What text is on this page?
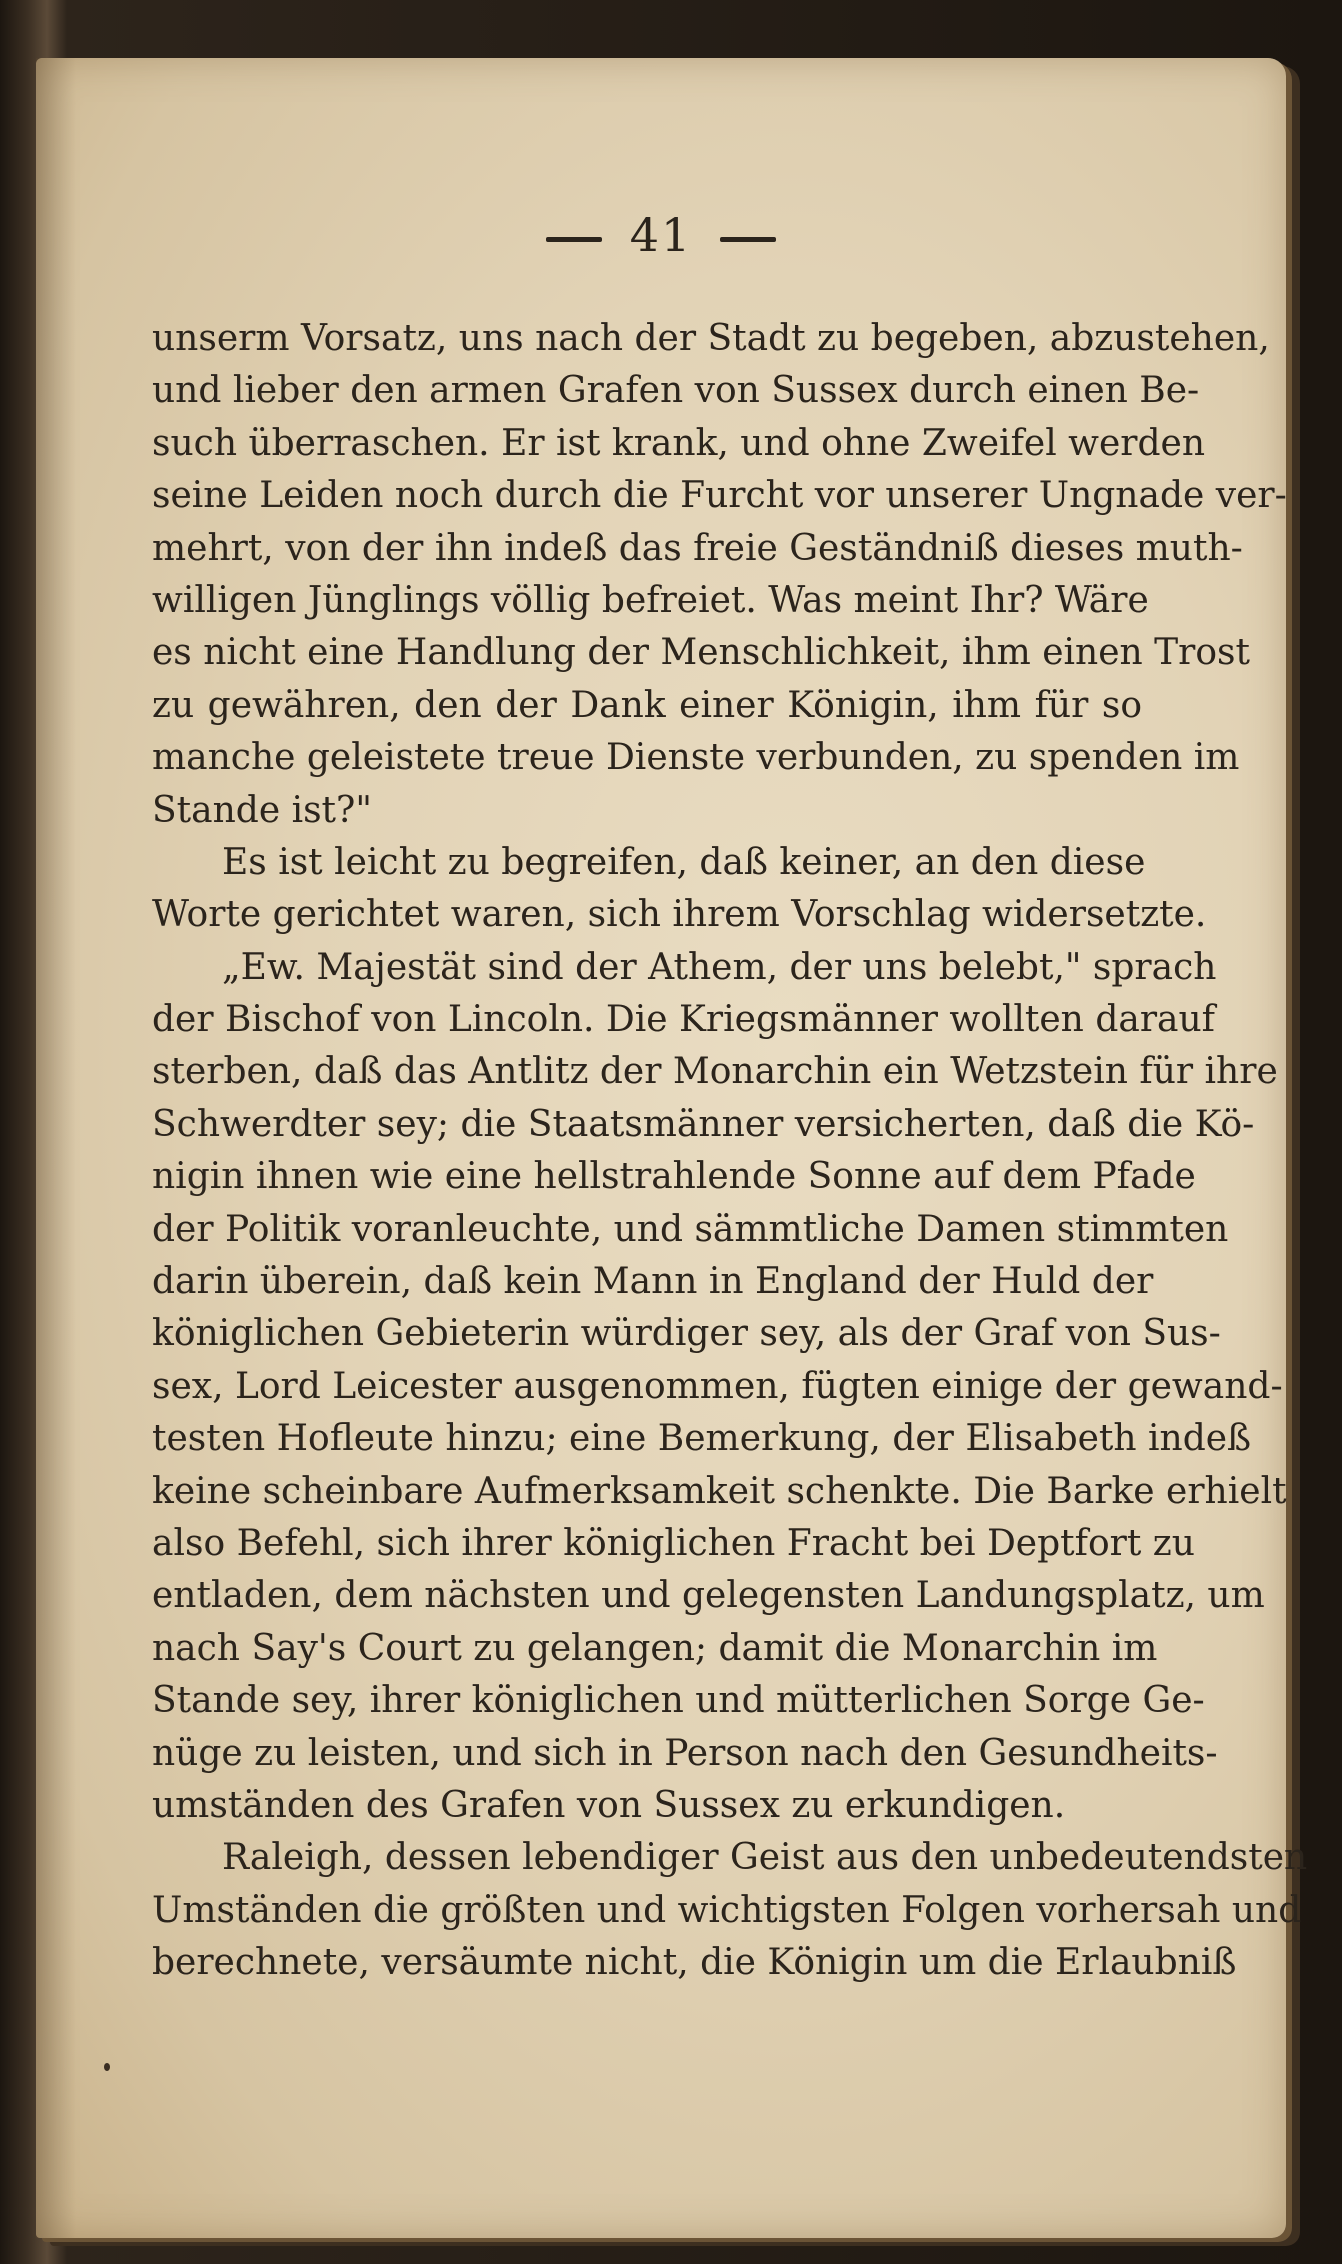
41
unserm Vorsatz, uns nach der Stadt zu begeben, abzustehen,
und lieber den armen Grafen von Sussex durch einen Be-
such überraschen. Er ist krank, und ohne Zweifel werden
seine Leiden noch durch die Furcht vor unserer Ungnade ver-
mehrt, von der ihn indeß das freie Geständniß dieses muth-
willigen Jünglings völlig befreiet. Was meint Ihr? Wäre
es nicht eine Handlung der Menschlichkeit, ihm einen Trost
zu gewähren, den der Dank einer Königin, ihm für so
manche geleistete treue Dienste verbunden, zu spenden im
Stande ist?"
Es ist leicht zu begreifen, daß keiner, an den diese
Worte gerichtet waren, sich ihrem Vorschlag widersetzte.
„Ew. Majestät sind der Athem, der uns belebt," sprach
der Bischof von Lincoln. Die Kriegsmänner wollten darauf
sterben, daß das Antlitz der Monarchin ein Wetzstein für ihre
Schwerdter sey; die Staatsmänner versicherten, daß die Kö-
nigin ihnen wie eine hellstrahlende Sonne auf dem Pfade
der Politik voranleuchte, und sämmtliche Damen stimmten
darin überein, daß kein Mann in England der Huld der
königlichen Gebieterin würdiger sey, als der Graf von Sus-
sex, Lord Leicester ausgenommen, fügten einige der gewand-
testen Hofleute hinzu; eine Bemerkung, der Elisabeth indeß
keine scheinbare Aufmerksamkeit schenkte. Die Barke erhielt
also Befehl, sich ihrer königlichen Fracht bei Deptfort zu
entladen, dem nächsten und gelegensten Landungsplatz, um
nach Say's Court zu gelangen; damit die Monarchin im
Stande sey, ihrer königlichen und mütterlichen Sorge Ge-
nüge zu leisten, und sich in Person nach den Gesundheits-
umständen des Grafen von Sussex zu erkundigen.
Raleigh, dessen lebendiger Geist aus den unbedeutendsten
Umständen die größten und wichtigsten Folgen vorhersah und
berechnete, versäumte nicht, die Königin um die Erlaubniß
